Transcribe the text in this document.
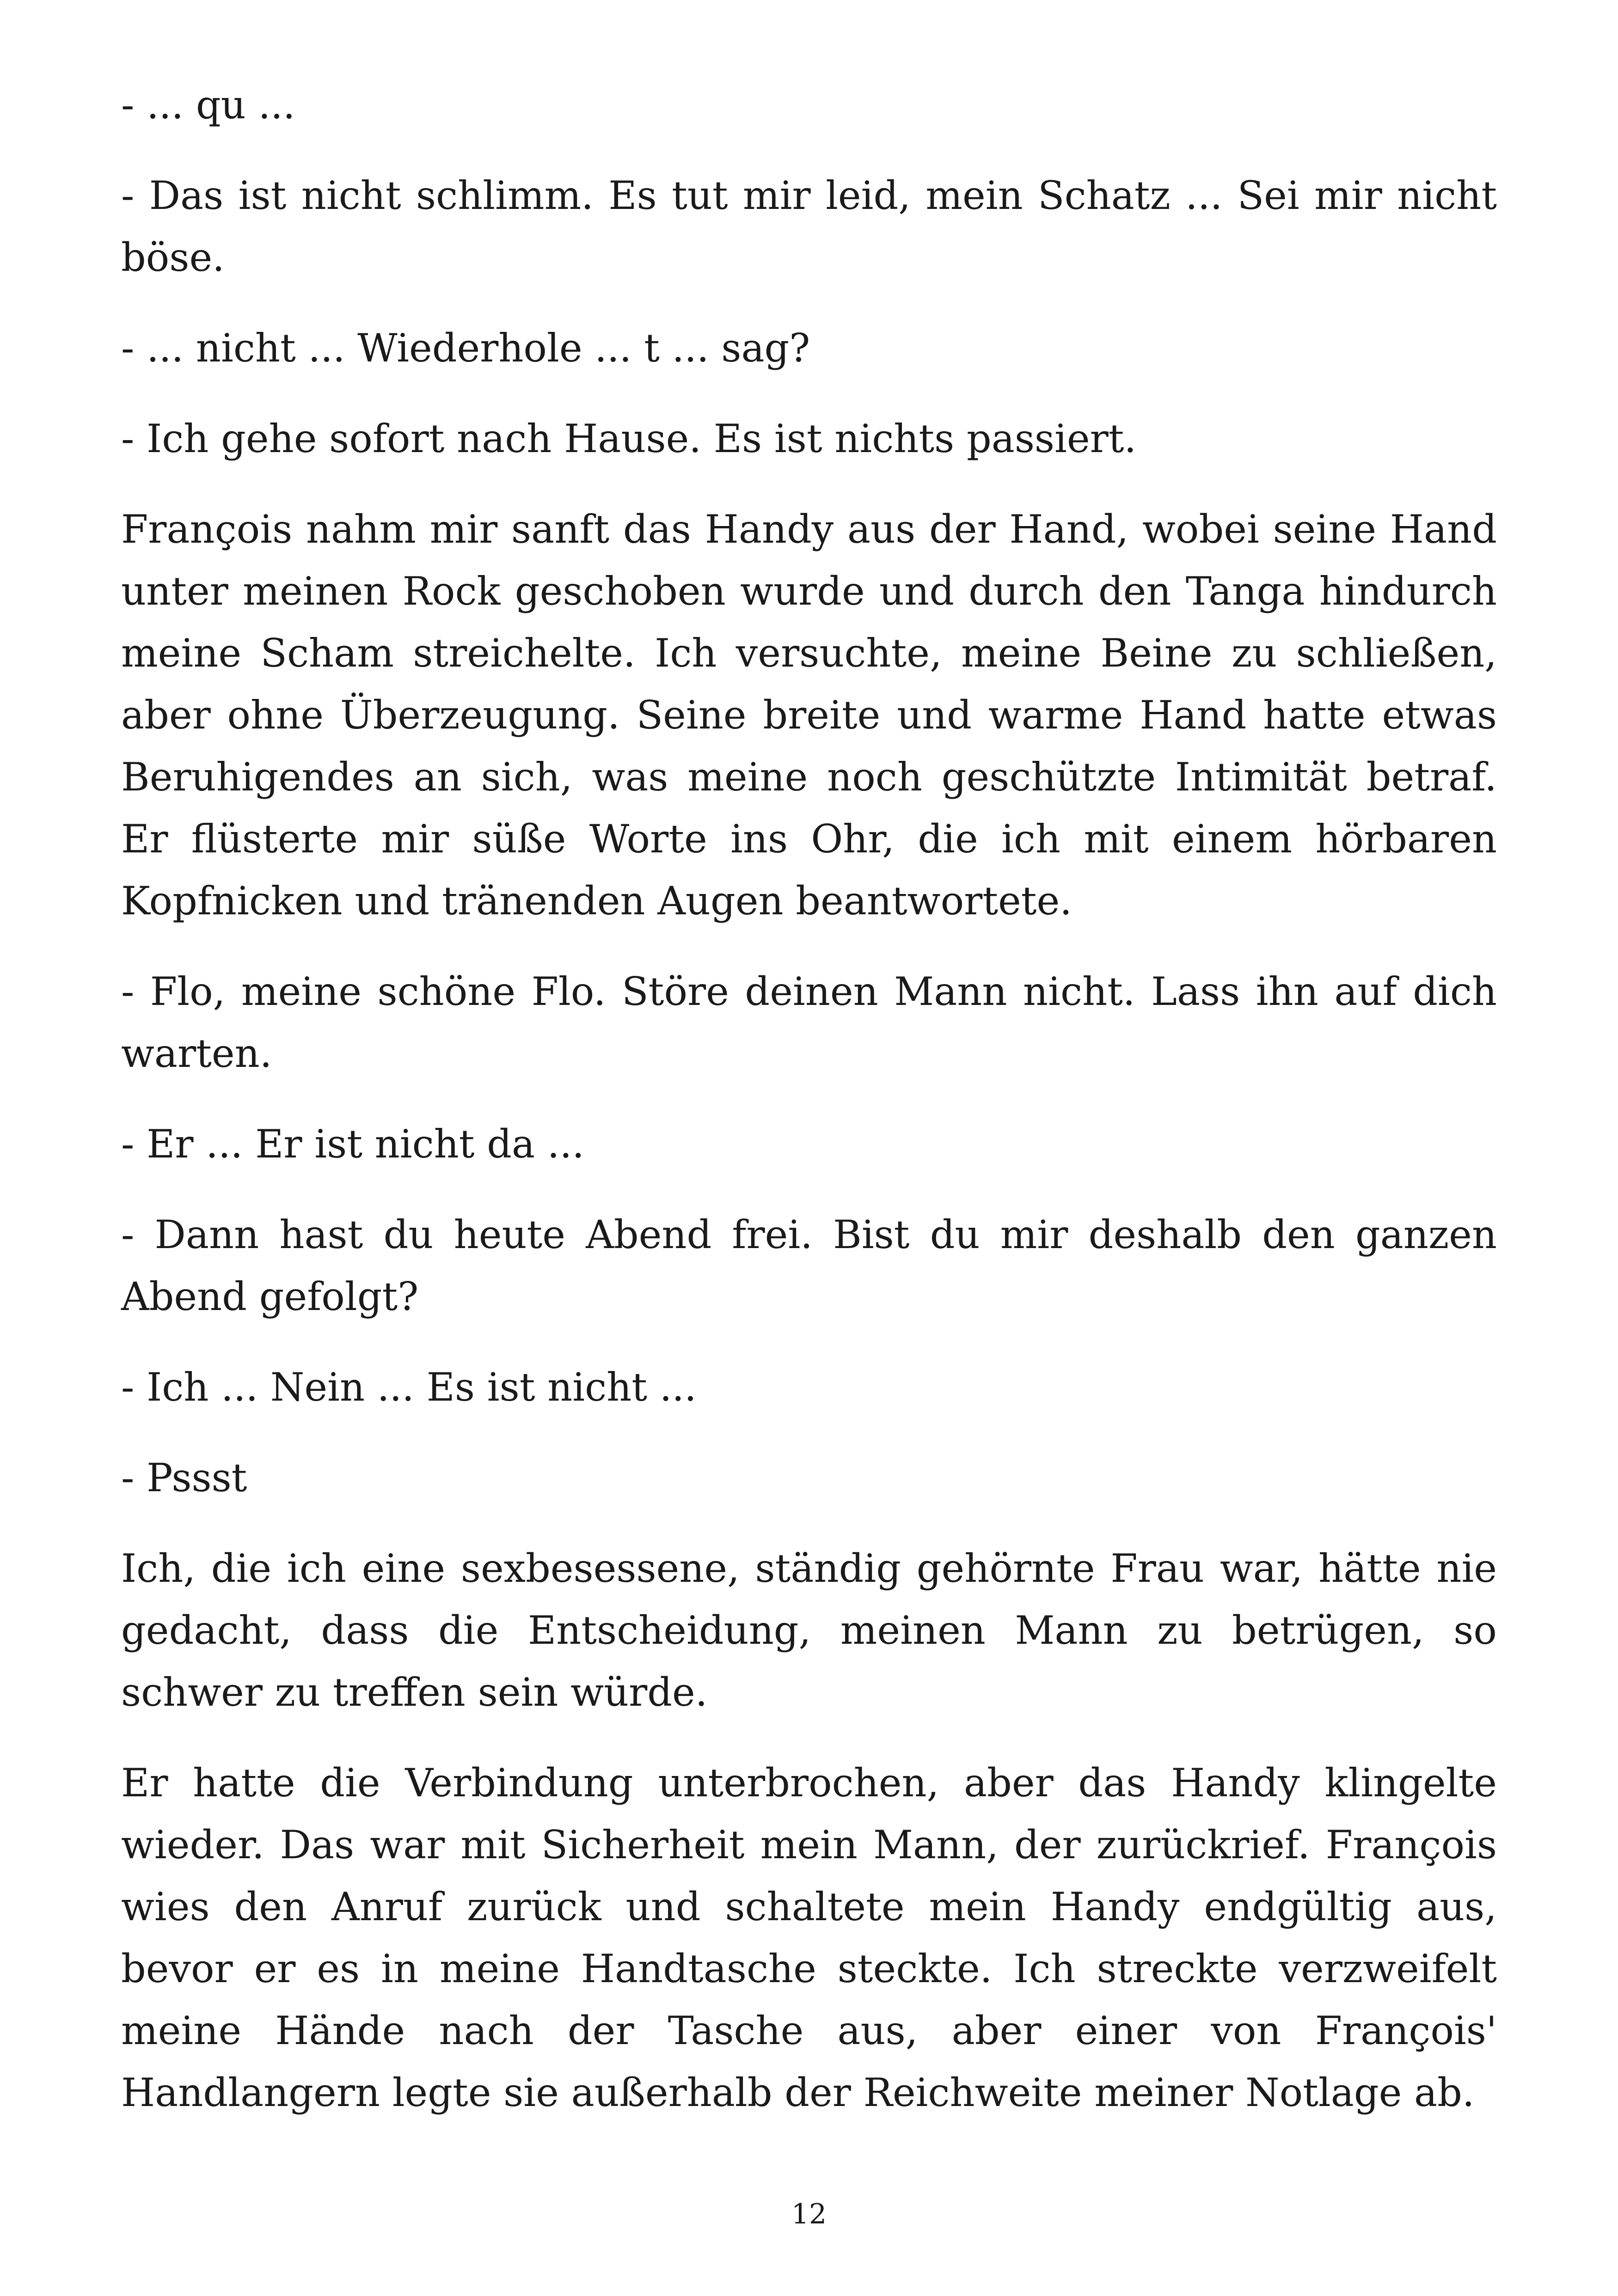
- ... qu ...

- Das ist nicht schlimm. Es tut mir leid, mein Schatz ... Sei mir nicht böse.

- ... nicht ... Wiederhole ... t ... sag?

- Ich gehe sofort nach Hause. Es ist nichts passiert.

François nahm mir sanft das Handy aus der Hand, wobei seine Hand unter meinen Rock geschoben wurde und durch den Tanga hindurch meine Scham streichelte. Ich versuchte, meine Beine zu schließen, aber ohne Überzeugung. Seine breite und warme Hand hatte etwas Beruhigendes an sich, was meine noch geschützte Intimität betraf. Er flüsterte mir süße Worte ins Ohr, die ich mit einem hörbaren Kopfnicken und tränenden Augen beantwortete.

- Flo, meine schöne Flo. Störe deinen Mann nicht. Lass ihn auf dich warten.

- Er ... Er ist nicht da ...

- Dann hast du heute Abend frei. Bist du mir deshalb den ganzen Abend gefolgt?

- Ich ... Nein ... Es ist nicht ...

- Pssst

Ich, die ich eine sexbesessene, ständig gehörnte Frau war, hätte nie gedacht, dass die Entscheidung, meinen Mann zu betrügen, so schwer zu treffen sein würde.

Er hatte die Verbindung unterbrochen, aber das Handy klingelte wieder. Das war mit Sicherheit mein Mann, der zurückrief. François wies den Anruf zurück und schaltete mein Handy endgültig aus, bevor er es in meine Handtasche steckte. Ich streckte verzweifelt meine Hände nach der Tasche aus, aber einer von François' Handlangern legte sie außerhalb der Reichweite meiner Notlage ab.

12
